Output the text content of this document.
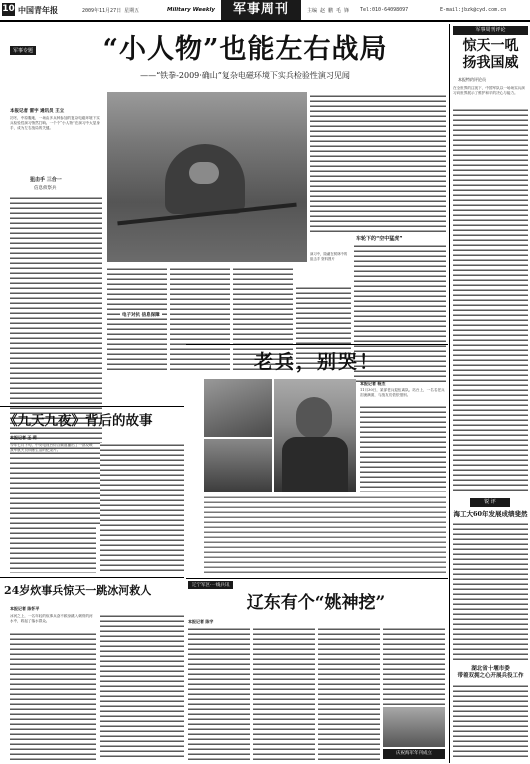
10 中国青年报	2009年11月27日 星期五	Military Weekly	军事周刊	主编 赵 鹏 毛 锋 Tel:010-64098097	E-mail:jbzk@cyd.com.cn
军事专题	“小人物”也能左右战局
——“铁拳-2009·确山”复杂电磁环境下实兵检验性演习见闻
本报记者 雷宇 通讯员 王立
初冬，中原腹地，一场由多兵种参加的复杂电磁环境下实兵检验性演习悄然打响。一个个“小人物”在演习中大显身手，成为左右战局的关键。
狙击手 三合一
信息侦察兵
演习中，隐蔽在树林中的狙击手 资料图片
车轮下的“空中猛虎”
电子对抗 信息保障
军事周刊评论
惊天一吼
扬我国威
本报特约评论员
在全世界的注视下，中国军队以一场场实兵演习向世界展示了维护和平的决心与能力。
锐 评
海工大60年发展成绩斐然
湖北省十堰市委
带着双拥之心开展兵役工作
老兵，别哭！
本报记者 杨杰
11月30日，某部老兵退伍离队。站台上，一名名老兵泪流满面，与战友们依依惜别。
《九天九夜》背后的故事
本报记者 王 莉
今年七月下旬，中央电视台综合频道播出了一部反映我军航天员训练生活的纪录片。
24岁炊事兵惊天一跳冰河救人
本报记者 陈怀平
冰河之上，一名年轻的炊事兵奋不顾身跳入刺骨的河水中，救起了落水群众。
辽宁军区·一线兵讯
辽东有个“姚神挖”
本报记者 陈宇
庆祝海军年刊成立
